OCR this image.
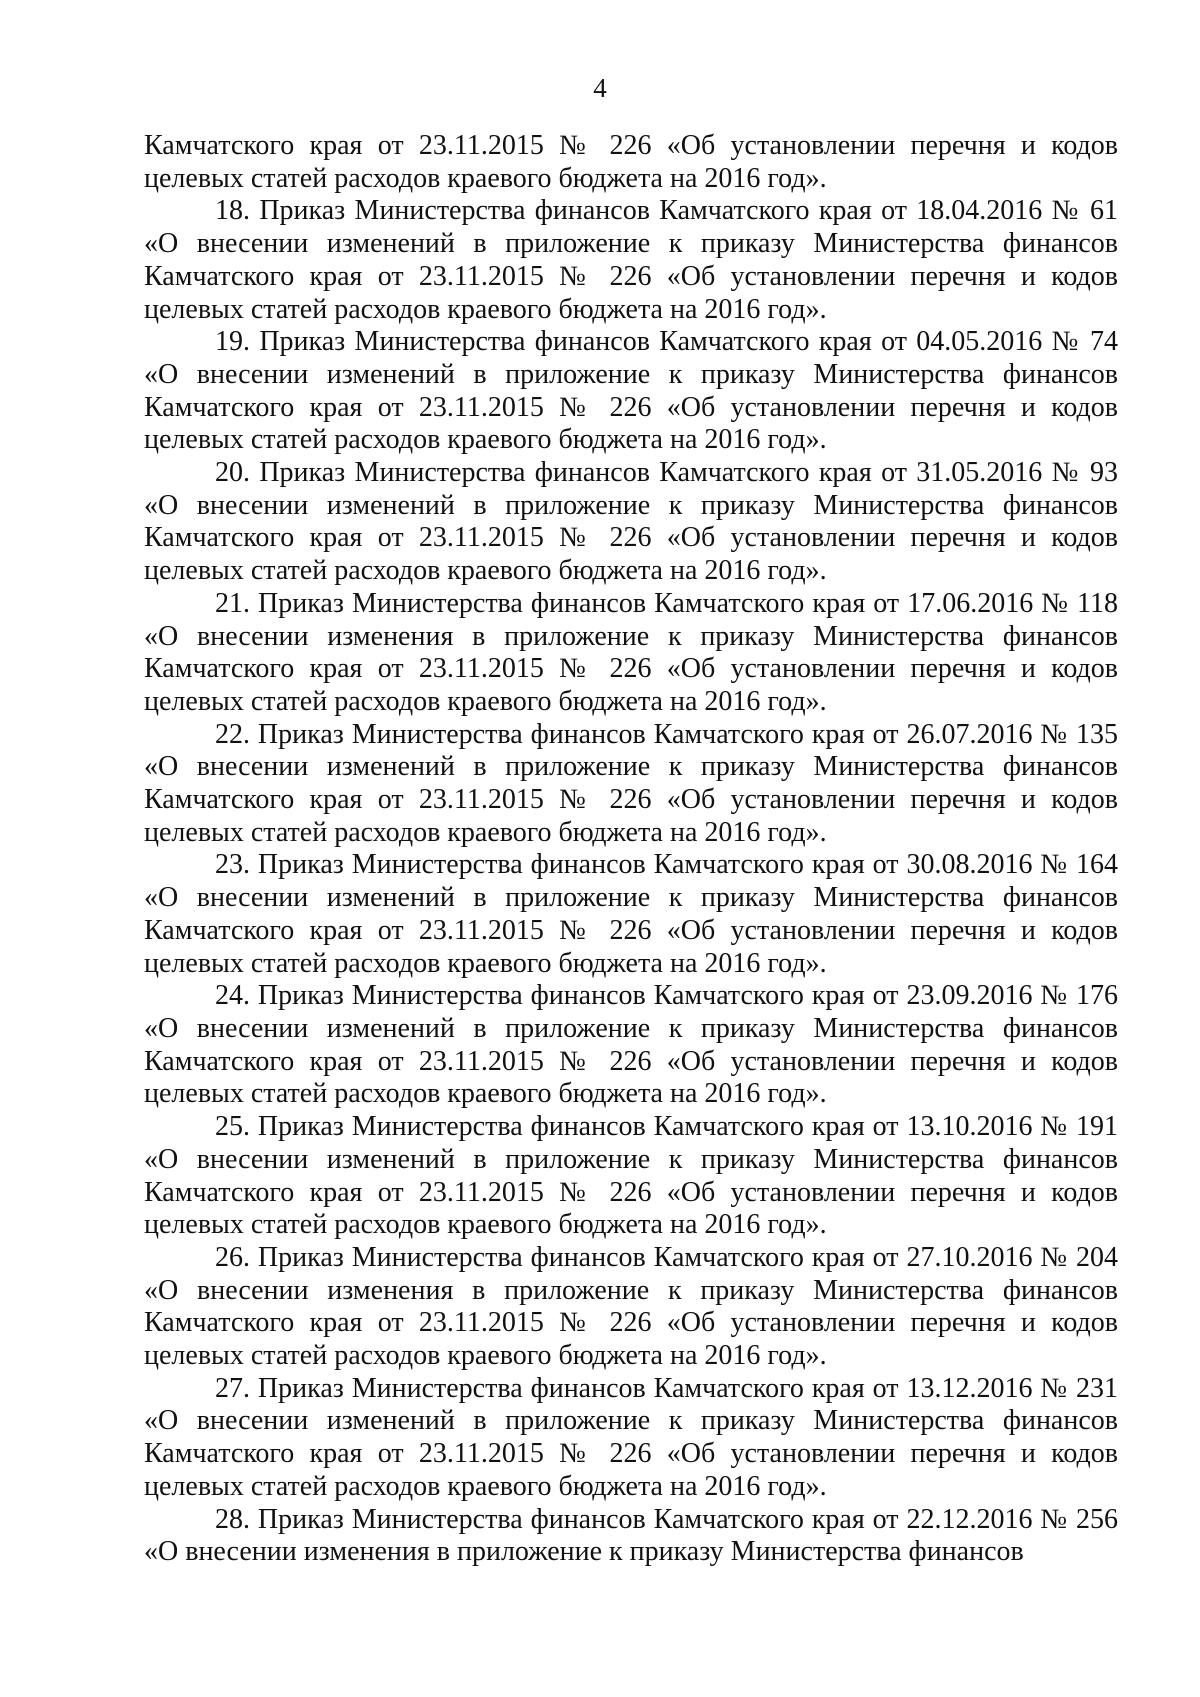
4

Камчатского края от 23.11.2015 № 226 «Об установлении перечня и кодов целевых статей расходов краевого бюджета на 2016 год».

18. Приказ Министерства финансов Камчатского края от 18.04.2016 № 61 «О внесении изменений в приложение к приказу Министерства финансов Камчатского края от 23.11.2015 № 226 «Об установлении перечня и кодов целевых статей расходов краевого бюджета на 2016 год».

19. Приказ Министерства финансов Камчатского края от 04.05.2016 № 74 «О внесении изменений в приложение к приказу Министерства финансов Камчатского края от 23.11.2015 № 226 «Об установлении перечня и кодов целевых статей расходов краевого бюджета на 2016 год».

20. Приказ Министерства финансов Камчатского края от 31.05.2016 № 93 «О внесении изменений в приложение к приказу Министерства финансов Камчатского края от 23.11.2015 № 226 «Об установлении перечня и кодов целевых статей расходов краевого бюджета на 2016 год».

21. Приказ Министерства финансов Камчатского края от 17.06.2016 № 118 «О внесении изменения в приложение к приказу Министерства финансов Камчатского края от 23.11.2015 № 226 «Об установлении перечня и кодов целевых статей расходов краевого бюджета на 2016 год».

22. Приказ Министерства финансов Камчатского края от 26.07.2016 № 135 «О внесении изменений в приложение к приказу Министерства финансов Камчатского края от 23.11.2015 № 226 «Об установлении перечня и кодов целевых статей расходов краевого бюджета на 2016 год».

23. Приказ Министерства финансов Камчатского края от 30.08.2016 № 164 «О внесении изменений в приложение к приказу Министерства финансов Камчатского края от 23.11.2015 № 226 «Об установлении перечня и кодов целевых статей расходов краевого бюджета на 2016 год».

24. Приказ Министерства финансов Камчатского края от 23.09.2016 № 176 «О внесении изменений в приложение к приказу Министерства финансов Камчатского края от 23.11.2015 № 226 «Об установлении перечня и кодов целевых статей расходов краевого бюджета на 2016 год».

25. Приказ Министерства финансов Камчатского края от 13.10.2016 № 191 «О внесении изменений в приложение к приказу Министерства финансов Камчатского края от 23.11.2015 № 226 «Об установлении перечня и кодов целевых статей расходов краевого бюджета на 2016 год».

26. Приказ Министерства финансов Камчатского края от 27.10.2016 № 204 «О внесении изменения в приложение к приказу Министерства финансов Камчатского края от 23.11.2015 № 226 «Об установлении перечня и кодов целевых статей расходов краевого бюджета на 2016 год».

27. Приказ Министерства финансов Камчатского края от 13.12.2016 № 231 «О внесении изменений в приложение к приказу Министерства финансов Камчатского края от 23.11.2015 № 226 «Об установлении перечня и кодов целевых статей расходов краевого бюджета на 2016 год».

28. Приказ Министерства финансов Камчатского края от 22.12.2016 № 256 «О внесении изменения в приложение к приказу Министерства финансов
